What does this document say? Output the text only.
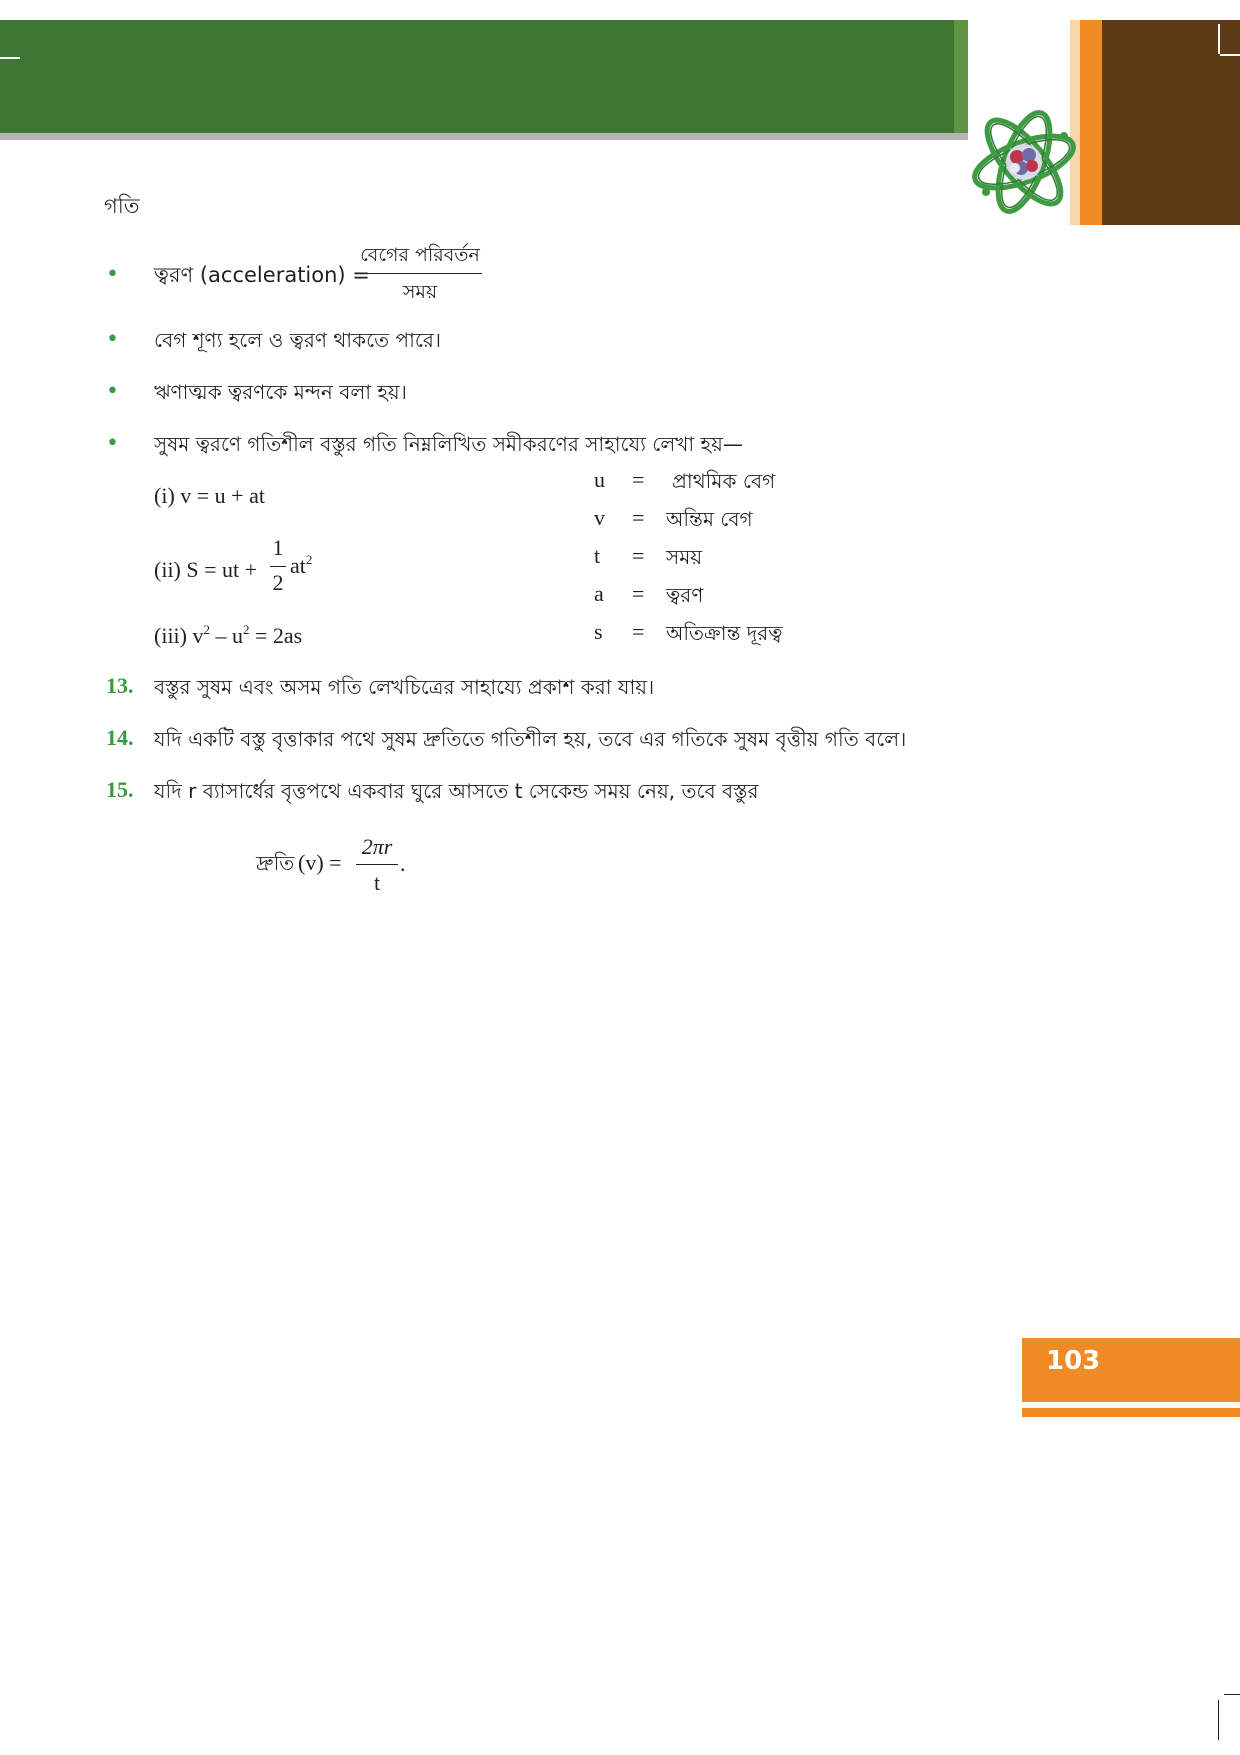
গতি
• ত্বরণ (acceleration) =
বেগের পরিবর্তন
সময়
• বেগ শূণ্য হলে ও ত্বরণ থাকতে পারে।
• ঋণাত্মক ত্বরণকে মন্দন বলা হয়।
• সুষম ত্বরণে গতিশীল বস্তুর গতি নিম্নলিখিত সমীকরণের সাহায্যে লেখা হয়—
(i) v = u + at
(ii) S = ut +
1
2
$at^2$
(iii) $v^2 - u^2 = 2as$
u = প্রাথমিক বেগ
v = অন্তিম বেগ
t = সময়
a = ত্বরণ
s = অতিক্রান্ত দূরত্ব
13. বস্তুর সুষম এবং অসম গতি লেখচিত্রের সাহায্যে প্রকাশ করা যায়।
14. যদি একটি বস্তু বৃত্তাকার পথে সুষম দ্রুতিতে গতিশীল হয়, তবে এর গতিকে সুষম বৃত্তীয় গতি বলে।
15. যদি r ব্যাসার্ধের বৃত্তপথে একবার ঘুরে আসতে t সেকেন্ড সময় নেয়, তবে বস্তুর
দ্রুতি (v) =
2πr
t
.
103
